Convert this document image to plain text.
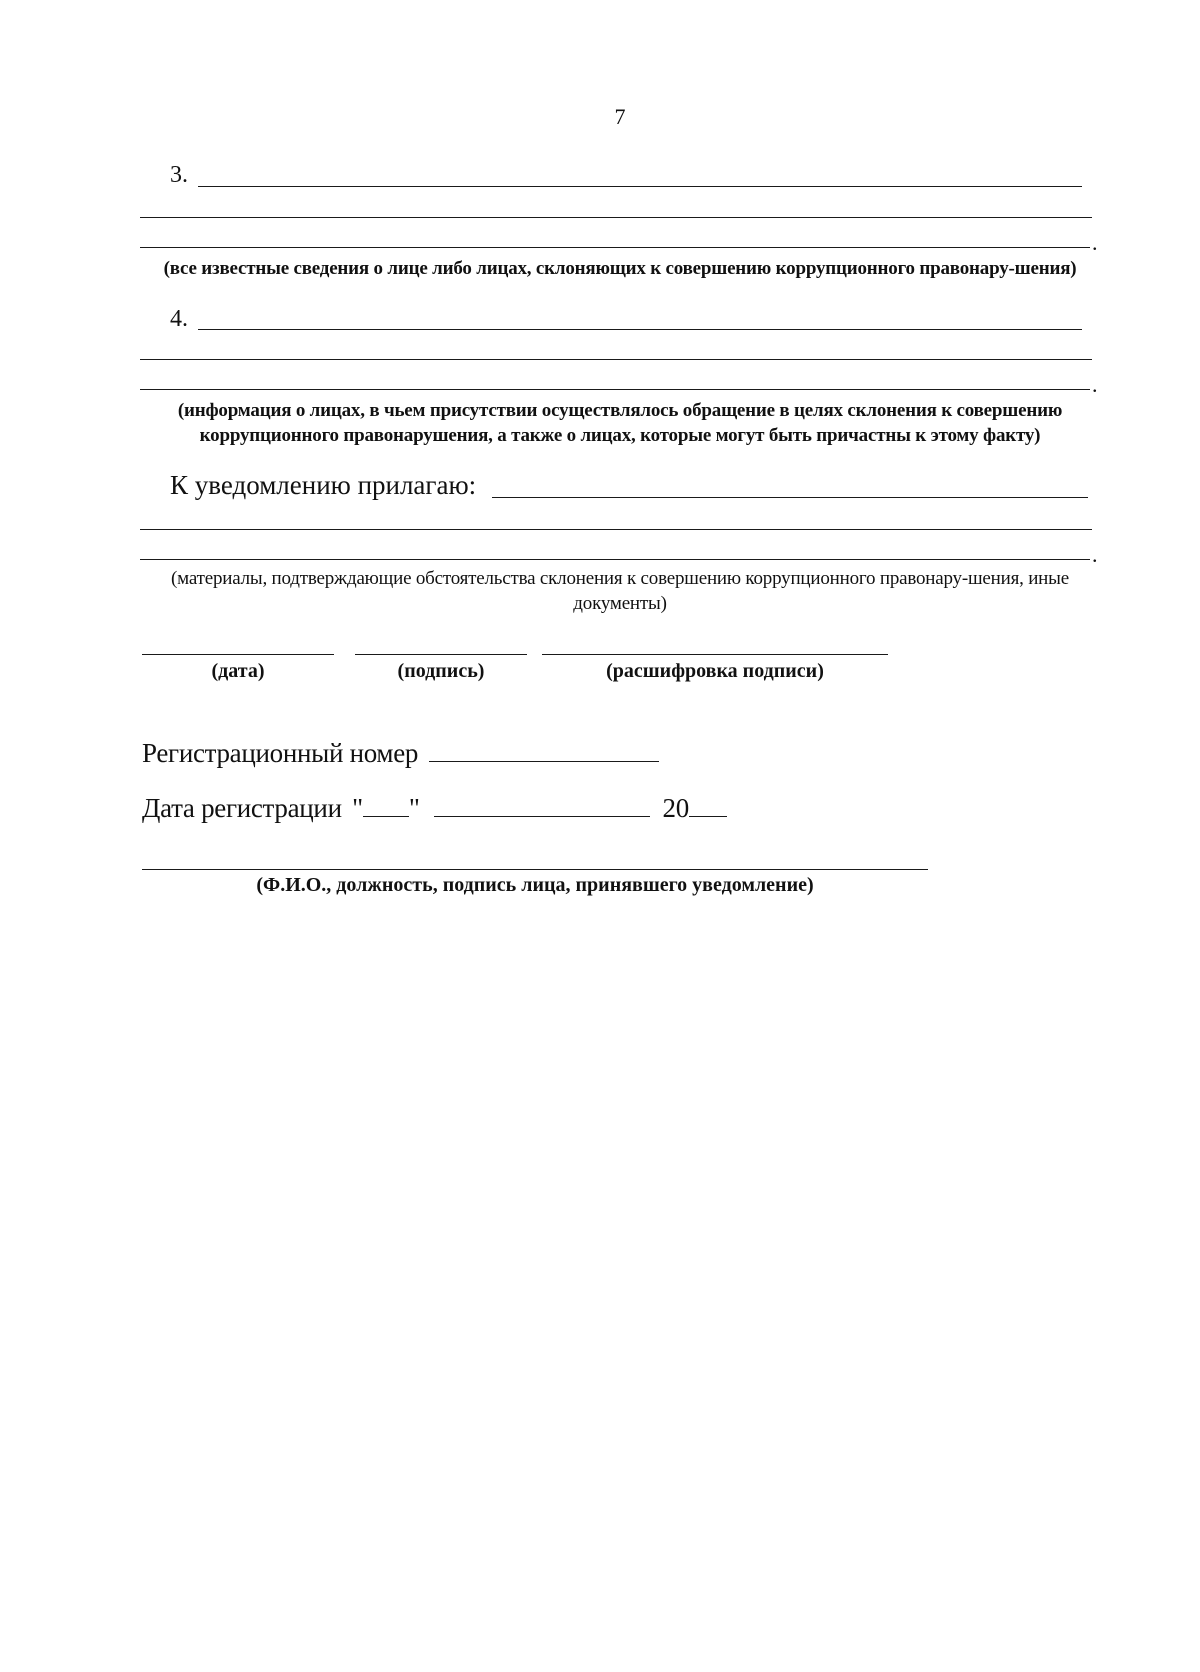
7
3.
.
(все известные сведения о лице либо лицах, склоняющих к совершению коррупционного правонару-шения)
4.
.
(информация о лицах, в чьем присутствии осуществлялось обращение в целях склонения к совершению коррупционного правонарушения, а также о лицах, которые могут быть причастны к этому факту)
К уведомлению прилагаю:
.
(материалы, подтверждающие обстоятельства склонения к совершению коррупционного правонару-шения, иные документы)
(дата)	(подпись)	(расшифровка подписи)
Регистрационный номер
Дата регистрации " "	20
(Ф.И.О., должность, подпись лица, принявшего уведомление)
